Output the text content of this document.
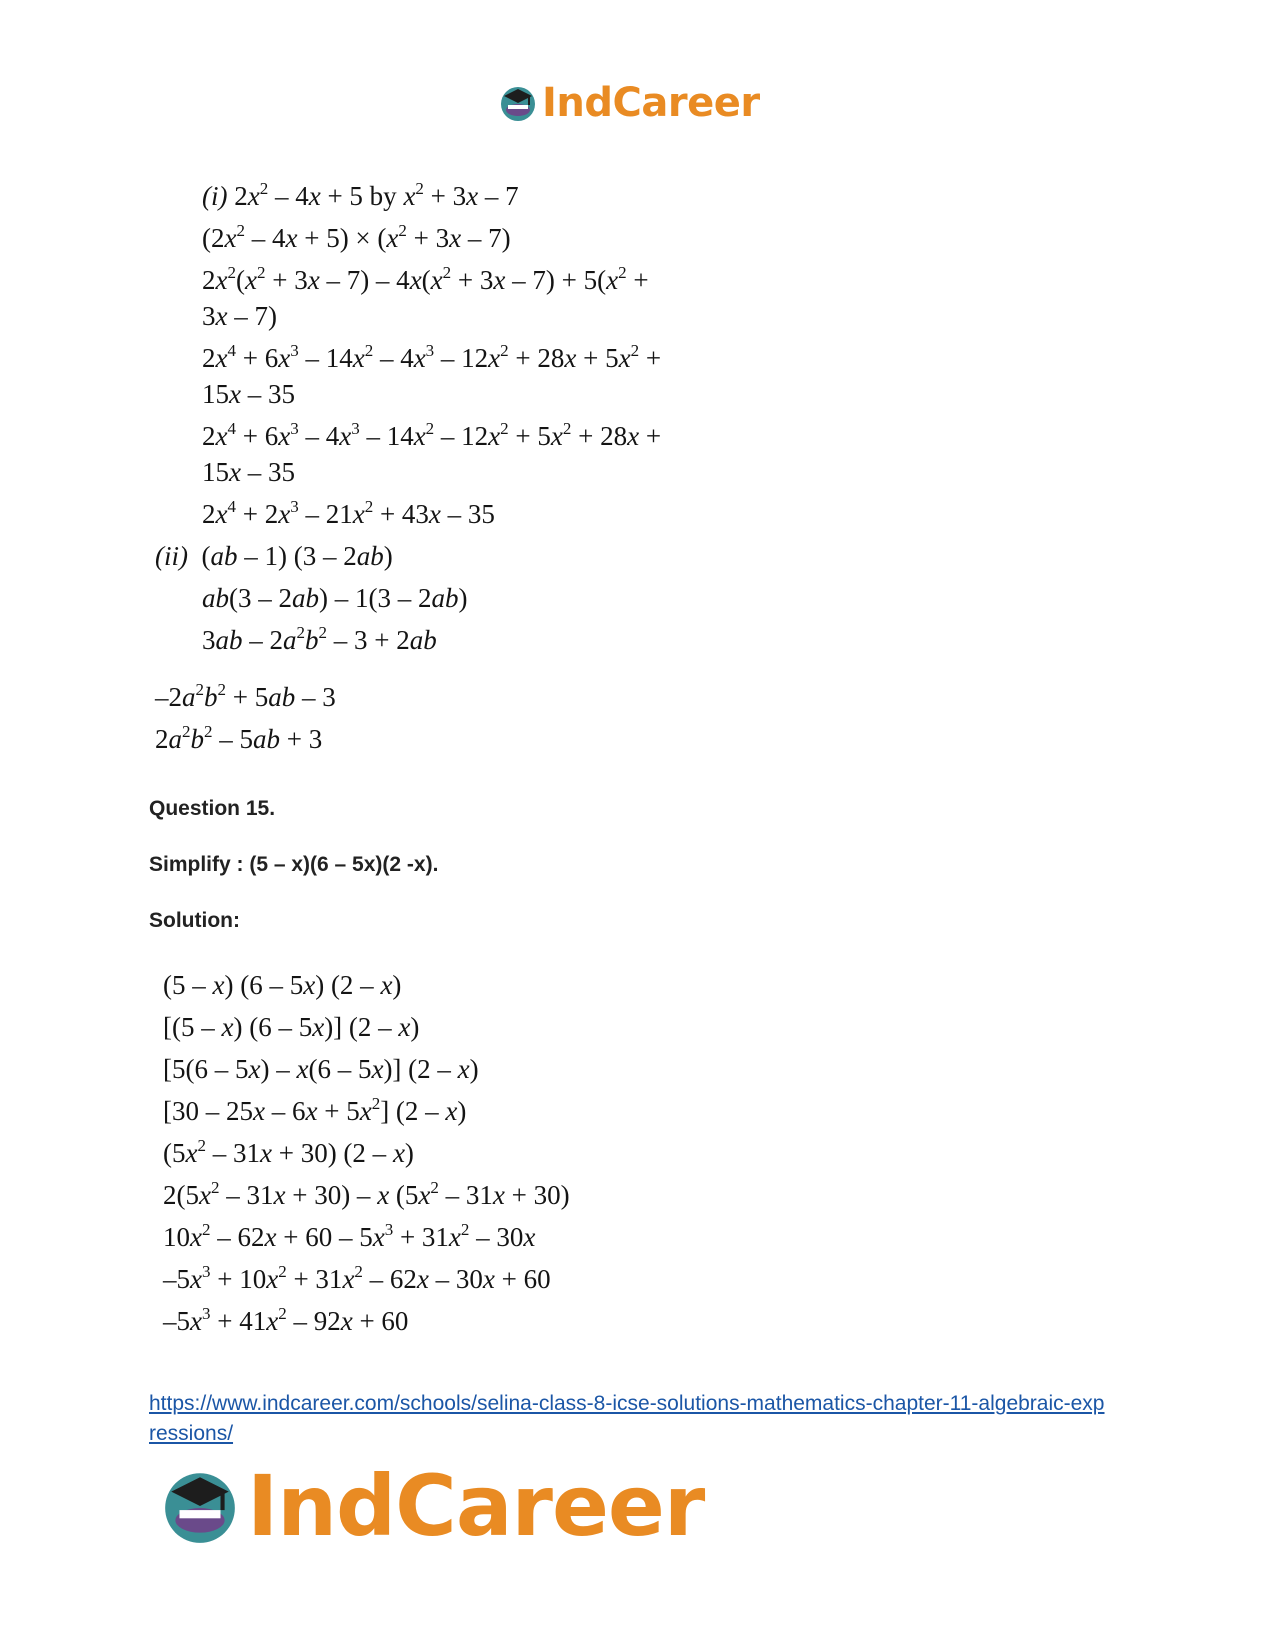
IndCareer
(i) $2x^2 - 4x + 5$ by $x^2 + 3x - 7$
$(2x^2 - 4x + 5) \times (x^2 + 3x - 7)$
$2x^2(x^2 + 3x - 7) - 4x(x^2 + 3x - 7) + 5(x^2$ +
3x – 7)
$2x^4 + 6x^3 - 14x^2 - 4x^3 - 12x^2 + 28x + 5x^2$ +
15x – 35
$2x^4 + 6x^3 - 4x^3 - 14x^2 - 12x^2 + 5x^2 + 28x$ +
15x – 35
$2x^4 + 2x^3 - 21x^2 + 43x - 35$
(ii)  (ab – 1) (3 – 2ab)
ab(3 – 2ab) – 1(3 – 2ab)
$3ab - 2a^2b^2 - 3 + 2ab$
$-2a^2b^2 + 5ab - 3$
$2a^2b^2 - 5ab + 3$
Question 15.
Simplify : (5 – x)(6 – 5x)(2 -x).
Solution:
(5 – x) (6 – 5x) (2 – x)
[(5 – x) (6 – 5x)] (2 – x)
[5(6 – 5x) – x(6 – 5x)] (2 – x)
$[30 - 25x - 6x + 5x^2]$ (2 – x)
$(5x^2 - 31x + 30)$ (2 – x)
$2(5x^2 - 31x + 30) - x$ $(5x^2 - 31x + 30)$
$10x^2 - 62x + 60 - 5x^3 + 31x^2 - 30x$
$-5x^3 + 10x^2 + 31x^2 - 62x - 30x + 60$
$-5x^3 + 41x^2 - 92x + 60$
https://www.indcareer.com/schools/selina-class-8-icse-solutions-mathematics-chapter-11-algebraic-expressions/
IndCareer
